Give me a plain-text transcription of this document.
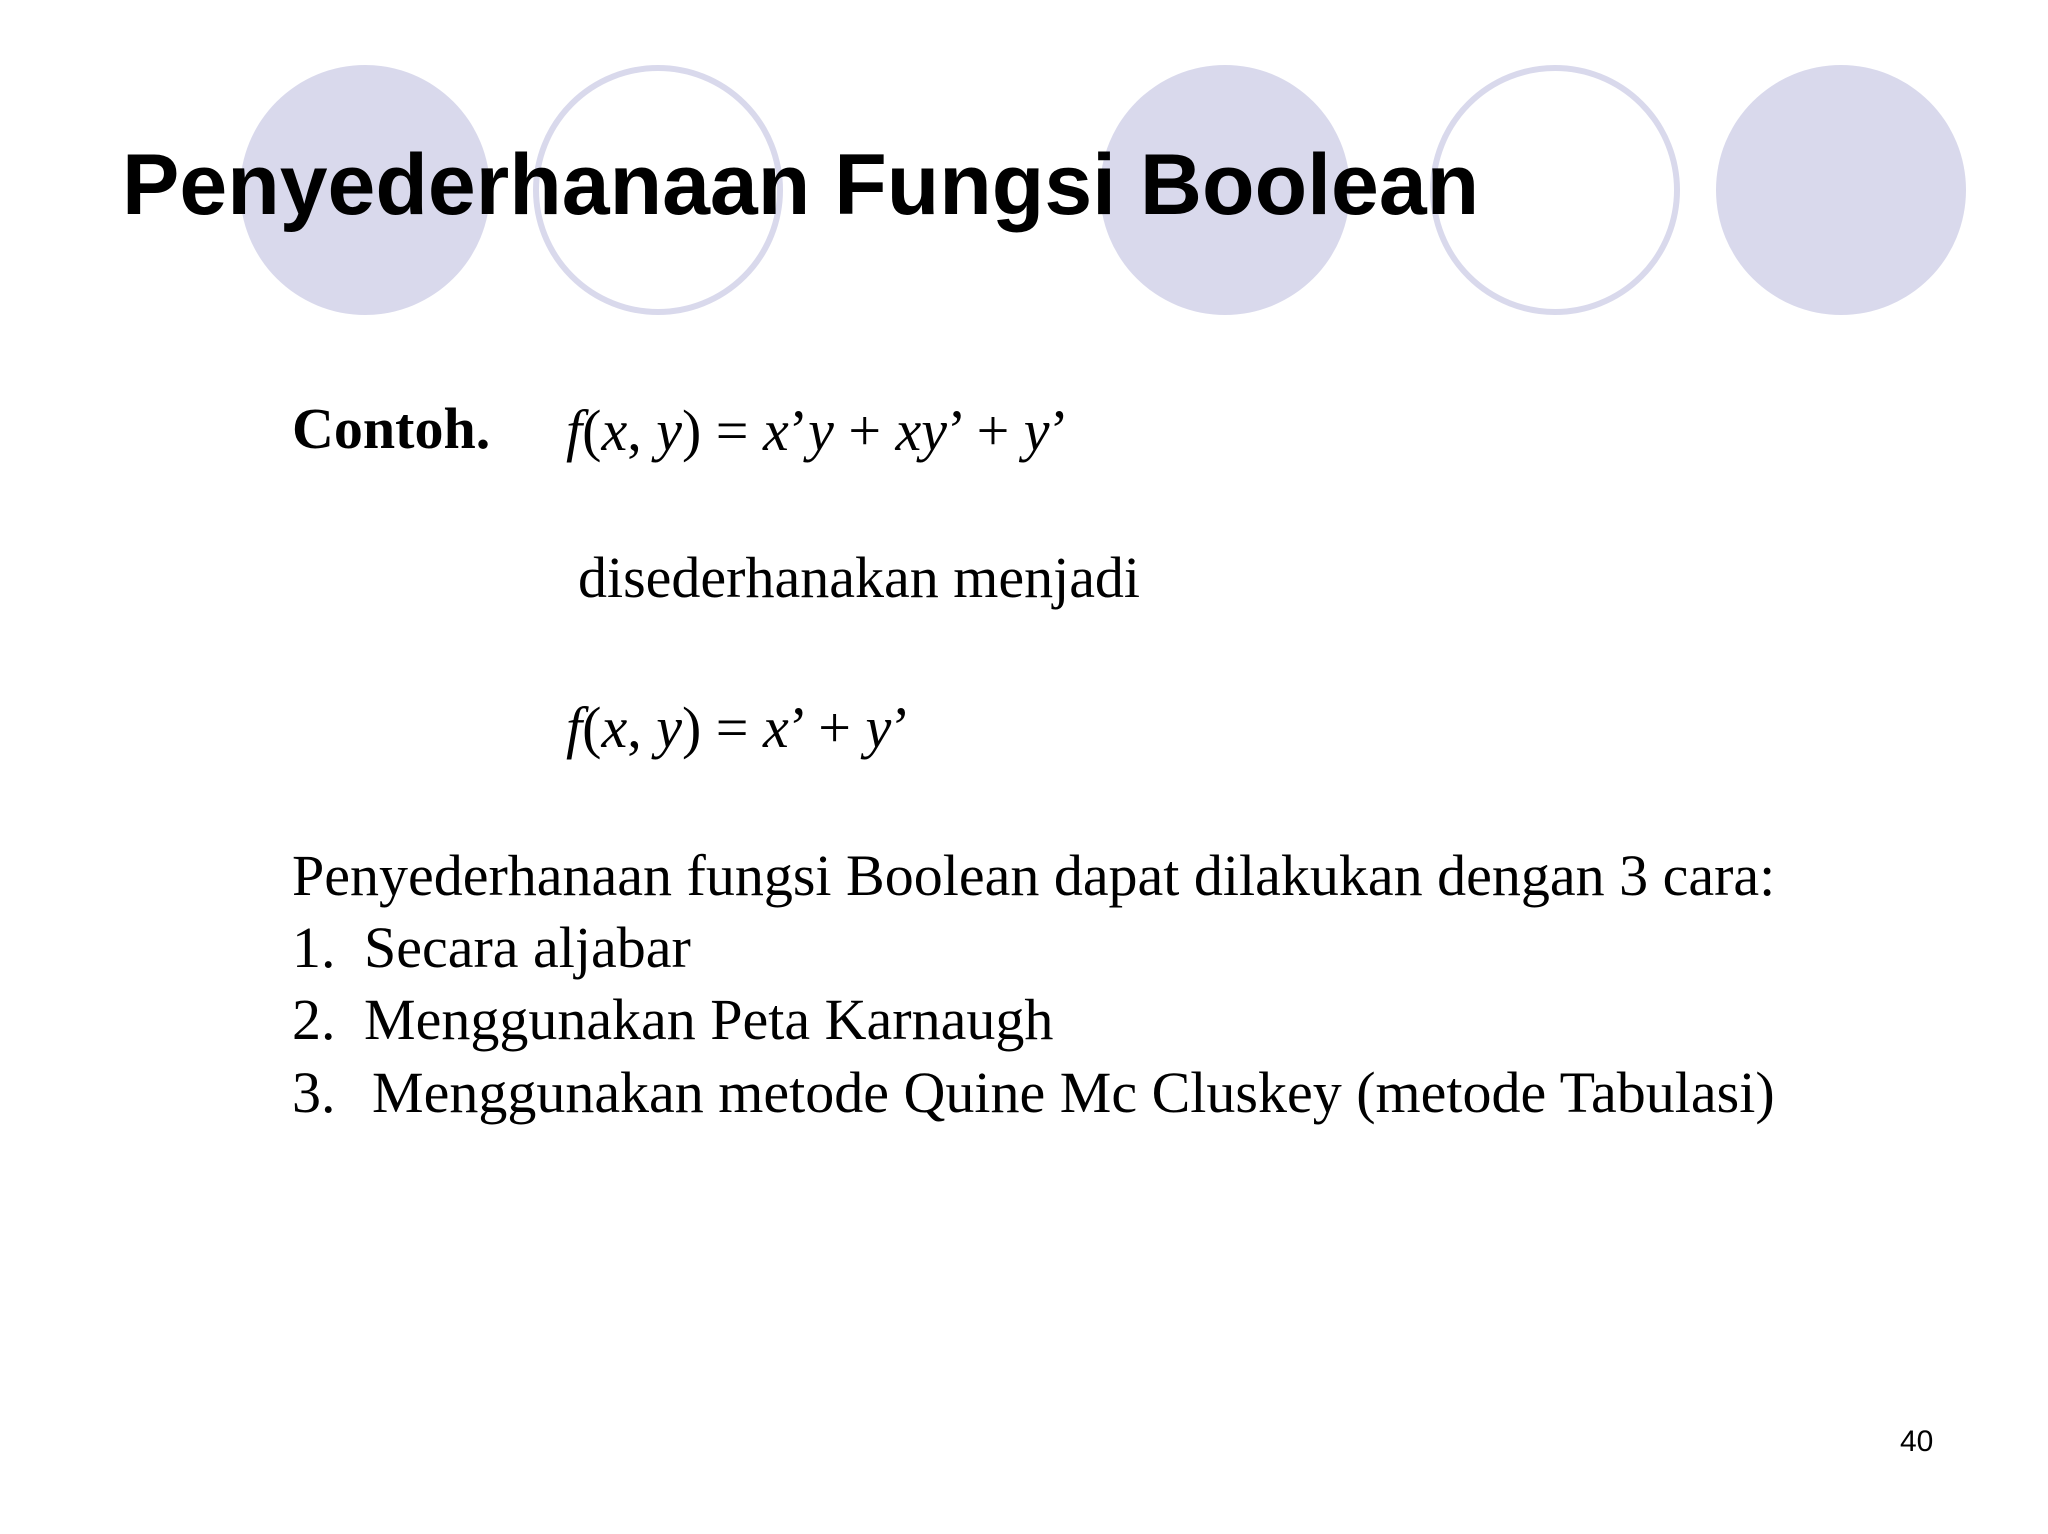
Penyederhanaan Fungsi Boolean
Contoh. f(x, y) = x’y + xy’ + y’
disederhanakan menjadi
f(x, y) = x’ + y’
Penyederhanaan fungsi Boolean dapat dilakukan dengan 3 cara:
1. Secara aljabar
2. Menggunakan Peta Karnaugh
3. Menggunakan metode Quine Mc Cluskey (metode Tabulasi)
40
